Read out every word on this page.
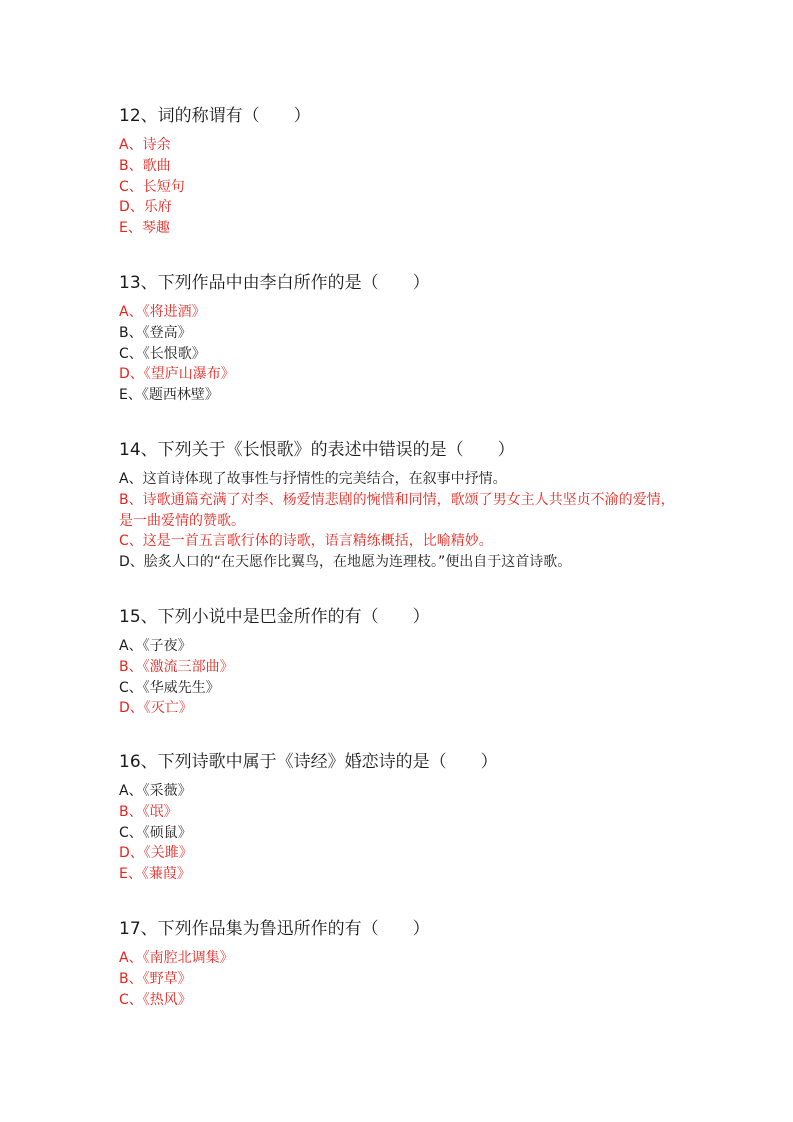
12、词的称谓有（　　）

A、诗余

B、歌曲

C、长短句

D、乐府

E、琴趣

13、下列作品中由李白所作的是（　　）

A、《将进酒》

B、《登高》

C、《长恨歌》

D、《望庐山瀑布》

E、《题西林壁》

14、下列关于《长恨歌》的表述中错误的是（　　）

A、这首诗体现了故事性与抒情性的完美结合，在叙事中抒情。

B、诗歌通篇充满了对李、杨爱情悲剧的惋惜和同情，歌颂了男女主人共坚贞不渝的爱情，是一曲爱情的赞歌。

C、这是一首五言歌行体的诗歌，语言精练概括，比喻精妙。

D、脍炙人口的“在天愿作比翼鸟，在地愿为连理枝。”便出自于这首诗歌。

15、下列小说中是巴金所作的有（　　）

A、《子夜》

B、《激流三部曲》

C、《华威先生》

D、《灭亡》

16、下列诗歌中属于《诗经》婚恋诗的是（　　）

A、《采薇》

B、《氓》

C、《硕鼠》

D、《关雎》

E、《蒹葭》

17、下列作品集为鲁迅所作的有（　　）

A、《南腔北调集》

B、《野草》

C、《热风》
